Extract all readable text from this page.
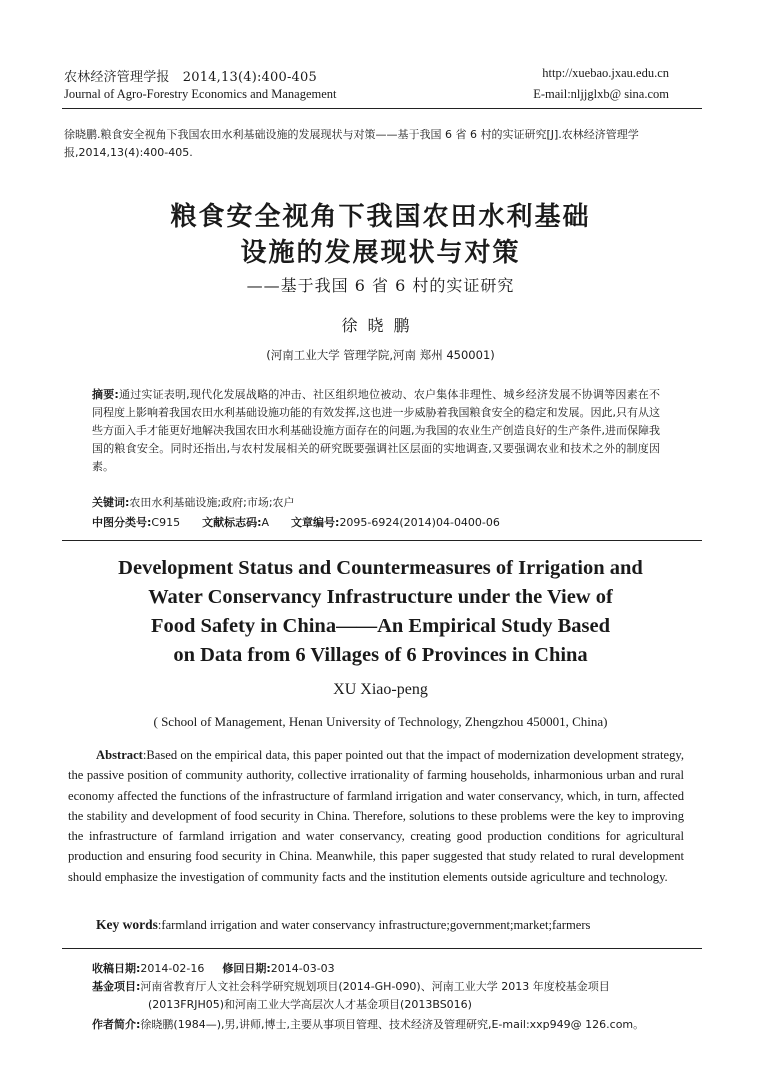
农林经济管理学报　2014,13(4):400-405
Journal of Agro-Forestry Economics and Management
http://xuebao.jxau.edu.cn
E-mail:nljjglxb@ sina.com
徐晓鹏.粮食安全视角下我国农田水利基础设施的发展现状与对策——基于我国 6 省 6 村的实证研究[J].农林经济管理学报,2014,13(4):400-405.
粮食安全视角下我国农田水利基础
设施的发展现状与对策
——基于我国 6 省 6 村的实证研究
徐晓鹏
(河南工业大学 管理学院,河南 郑州 450001)
摘要:通过实证表明,现代化发展战略的冲击、社区组织地位被动、农户集体非理性、城乡经济发展不协调等因素在不同程度上影响着我国农田水利基础设施功能的有效发挥,这也进一步威胁着我国粮食安全的稳定和发展。因此,只有从这些方面入手才能更好地解决我国农田水利基础设施方面存在的问题,为我国的农业生产创造良好的生产条件,进而保障我国的粮食安全。同时还指出,与农村发展相关的研究既要强调社区层面的实地调查,又要强调农业和技术之外的制度因素。
关键词:农田水利基础设施;政府;市场;农户
中图分类号:C915 文献标志码:A 文章编号:2095-6924(2014)04-0400-06
Development Status and Countermeasures of Irrigation and
Water Conservancy Infrastructure under the View of
Food Safety in China——An Empirical Study Based
on Data from 6 Villages of 6 Provinces in China
XU Xiao-peng
( School of Management, Henan University of Technology, Zhengzhou 450001, China)
Abstract:Based on the empirical data, this paper pointed out that the impact of modernization development strategy, the passive position of community authority, collective irrationality of farming households, inharmonious urban and rural economy affected the functions of the infrastructure of farmland irrigation and water conservancy, which, in turn, affected the stability and development of food security in China. Therefore, solutions to these problems were the key to improving the infrastructure of farmland irrigation and water conservancy, creating good production conditions for agricultural production and ensuring food security in China. Meanwhile, this paper suggested that study related to rural development should emphasize the investigation of community facts and the institution elements outside agriculture and technology.
Key words:farmland irrigation and water conservancy infrastructure;government;market;farmers
收稿日期:2014-02-16 修回日期:2014-03-03
基金项目:河南省教育厅人文社会科学研究规划项目(2014-GH-090)、河南工业大学 2013 年度校基金项目
(2013FRJH05)和河南工业大学高层次人才基金项目(2013BS016)
作者简介:徐晓鹏(1984—),男,讲师,博士,主要从事项目管理、技术经济及管理研究,E-mail:xxp949@ 126.com。
